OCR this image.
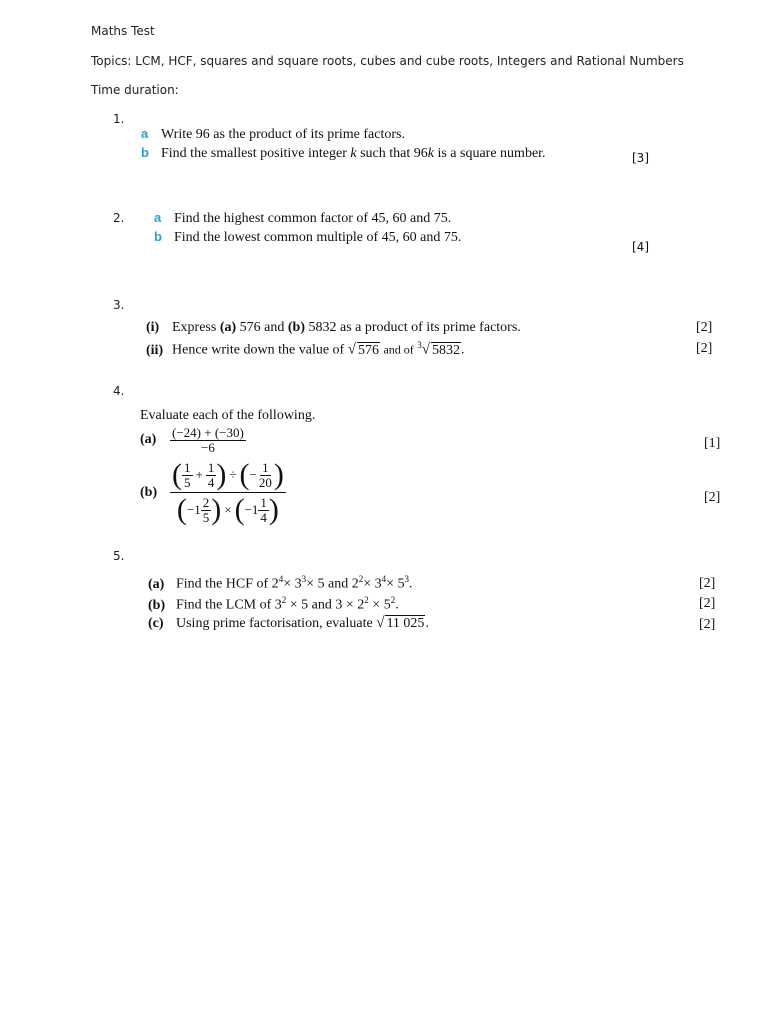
Maths Test
Topics: LCM, HCF, squares and square roots, cubes and cube roots, Integers and Rational Numbers
Time duration:
1.
a Write 96 as the product of its prime factors.
b Find the smallest positive integer k such that 96k is a square number.	[3]
2. a Find the highest common factor of 45, 60 and 75.
b Find the lowest common multiple of 45, 60 and 75.
[4]
3.
(i) Express (a) 576 and (b) 5832 as a product of its prime factors.	[2]
(ii) Hence write down the value of √ 576 and of $^3$√ 5832.	[2]
4.
Evaluate each of the following.
(a)	$\frac{(-24) + (-30)}{-6}$	[1]
(b)
( $\frac{1}{5} + \frac{1}{4}$ ) ÷ ( − $\frac{1}{20}$ )
( $-1 \frac{2}{5}$ ) × ( $-1 \frac{1}{4}$ )	[2]
5.
(a) Find the HCF of $2^4\times 3^3\times 5$ and $2^2\times 3^4\times 5^3$.	[2]
(b) Find the LCM of $3^2 \times 5$ and $3 \times 2^2 \times 5^2$.	[2]
(c) Using prime factorisation, evaluate √ 11 025.	[2]
